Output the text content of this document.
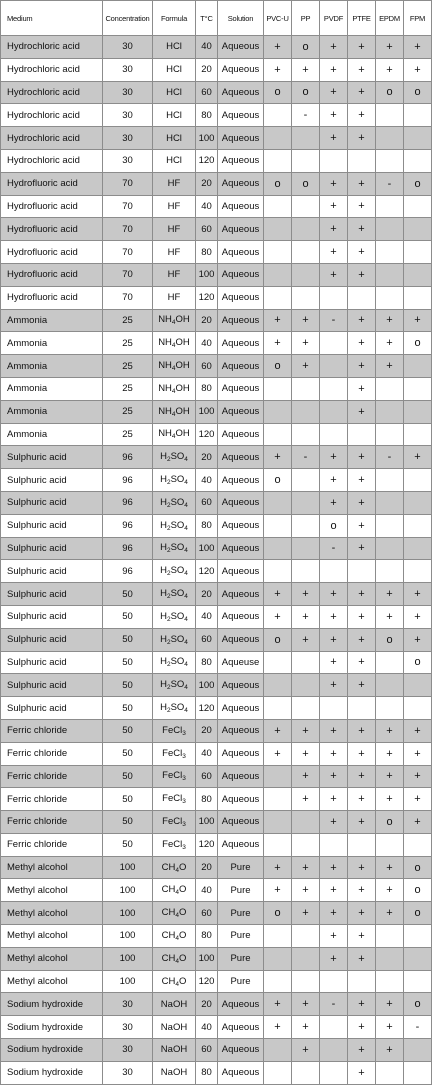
Medium	Concentration	Formula	T°C	Solution	PVC-U	PP	PVDF	PTFE	EPDM	FPM
Hydrochloric acid	30	HCl	40	Aqueous	+	o	+	+	+	+
Hydrochloric acid	30	HCl	20	Aqueous	+	+	+	+	+	+
Hydrochloric acid	30	HCl	60	Aqueous	o	o	+	+	o	o
Hydrochloric acid	30	HCl	80	Aqueous		-	+	+		
Hydrochloric acid	30	HCl	100	Aqueous			+	+		
Hydrochloric acid	30	HCl	120	Aqueous						
Hydrofluoric acid	70	HF	20	Aqueous	o	o	+	+	-	o
Hydrofluoric acid	70	HF	40	Aqueous			+	+		
Hydrofluoric acid	70	HF	60	Aqueous			+	+		
Hydrofluoric acid	70	HF	80	Aqueous			+	+		
Hydrofluoric acid	70	HF	100	Aqueous			+	+		
Hydrofluoric acid	70	HF	120	Aqueous						
Ammonia	25	$NH_4OH$	20	Aqueous	+	+	-	+	+	+
Ammonia	25	$NH_4OH$	40	Aqueous	+	+		+	+	o
Ammonia	25	$NH_4OH$	60	Aqueous	o	+		+	+	
Ammonia	25	$NH_4OH$	80	Aqueous				+		
Ammonia	25	$NH_4OH$	100	Aqueous				+		
Ammonia	25	$NH_4OH$	120	Aqueous						
Sulphuric acid	96	$H_2SO_4$	20	Aqueous	+	-	+	+	-	+
Sulphuric acid	96	$H_2SO_4$	40	Aqueous	o		+	+		
Sulphuric acid	96	$H_2SO_4$	60	Aqueous			+	+		
Sulphuric acid	96	$H_2SO_4$	80	Aqueous			o	+		
Sulphuric acid	96	$H_2SO_4$	100	Aqueous			-	+		
Sulphuric acid	96	$H_2SO_4$	120	Aqueous						
Sulphuric acid	50	$H_2SO_4$	20	Aqueous	+	+	+	+	+	+
Sulphuric acid	50	$H_2SO_4$	40	Aqueous	+	+	+	+	+	+
Sulphuric acid	50	$H_2SO_4$	60	Aqueous	o	+	+	+	o	+
Sulphuric acid	50	$H_2SO_4$	80	Aqueuse			+	+		o
Sulphuric acid	50	$H_2SO_4$	100	Aqueous			+	+		
Sulphuric acid	50	$H_2SO_4$	120	Aqueous						
Ferric chloride	50	FeCl$_3$	20	Aqueous	+	+	+	+	+	+
Ferric chloride	50	FeCl$_3$	40	Aqueous	+	+	+	+	+	+
Ferric chloride	50	FeCl$_3$	60	Aqueous		+	+	+	+	+
Ferric chloride	50	FeCl$_3$	80	Aqueous		+	+	+	+	+
Ferric chloride	50	FeCl$_3$	100	Aqueous			+	+	o	+
Ferric chloride	50	FeCl$_3$	120	Aqueous						
Methyl alcohol	100	$CH_4O$	20	Pure	+	+	+	+	+	o
Methyl alcohol	100	$CH_4O$	40	Pure	+	+	+	+	+	o
Methyl alcohol	100	$CH_4O$	60	Pure	o	+	+	+	+	o
Methyl alcohol	100	$CH_4O$	80	Pure			+	+		
Methyl alcohol	100	$CH_4O$	100	Pure			+	+		
Methyl alcohol	100	$CH_4O$	120	Pure						
Sodium hydroxide	30	NaOH	20	Aqueous	+	+	-	+	+	o
Sodium hydroxide	30	NaOH	40	Aqueous	+	+		+	+	-
Sodium hydroxide	30	NaOH	60	Aqueous		+		+	+	
Sodium hydroxide	30	NaOH	80	Aqueous				+		
